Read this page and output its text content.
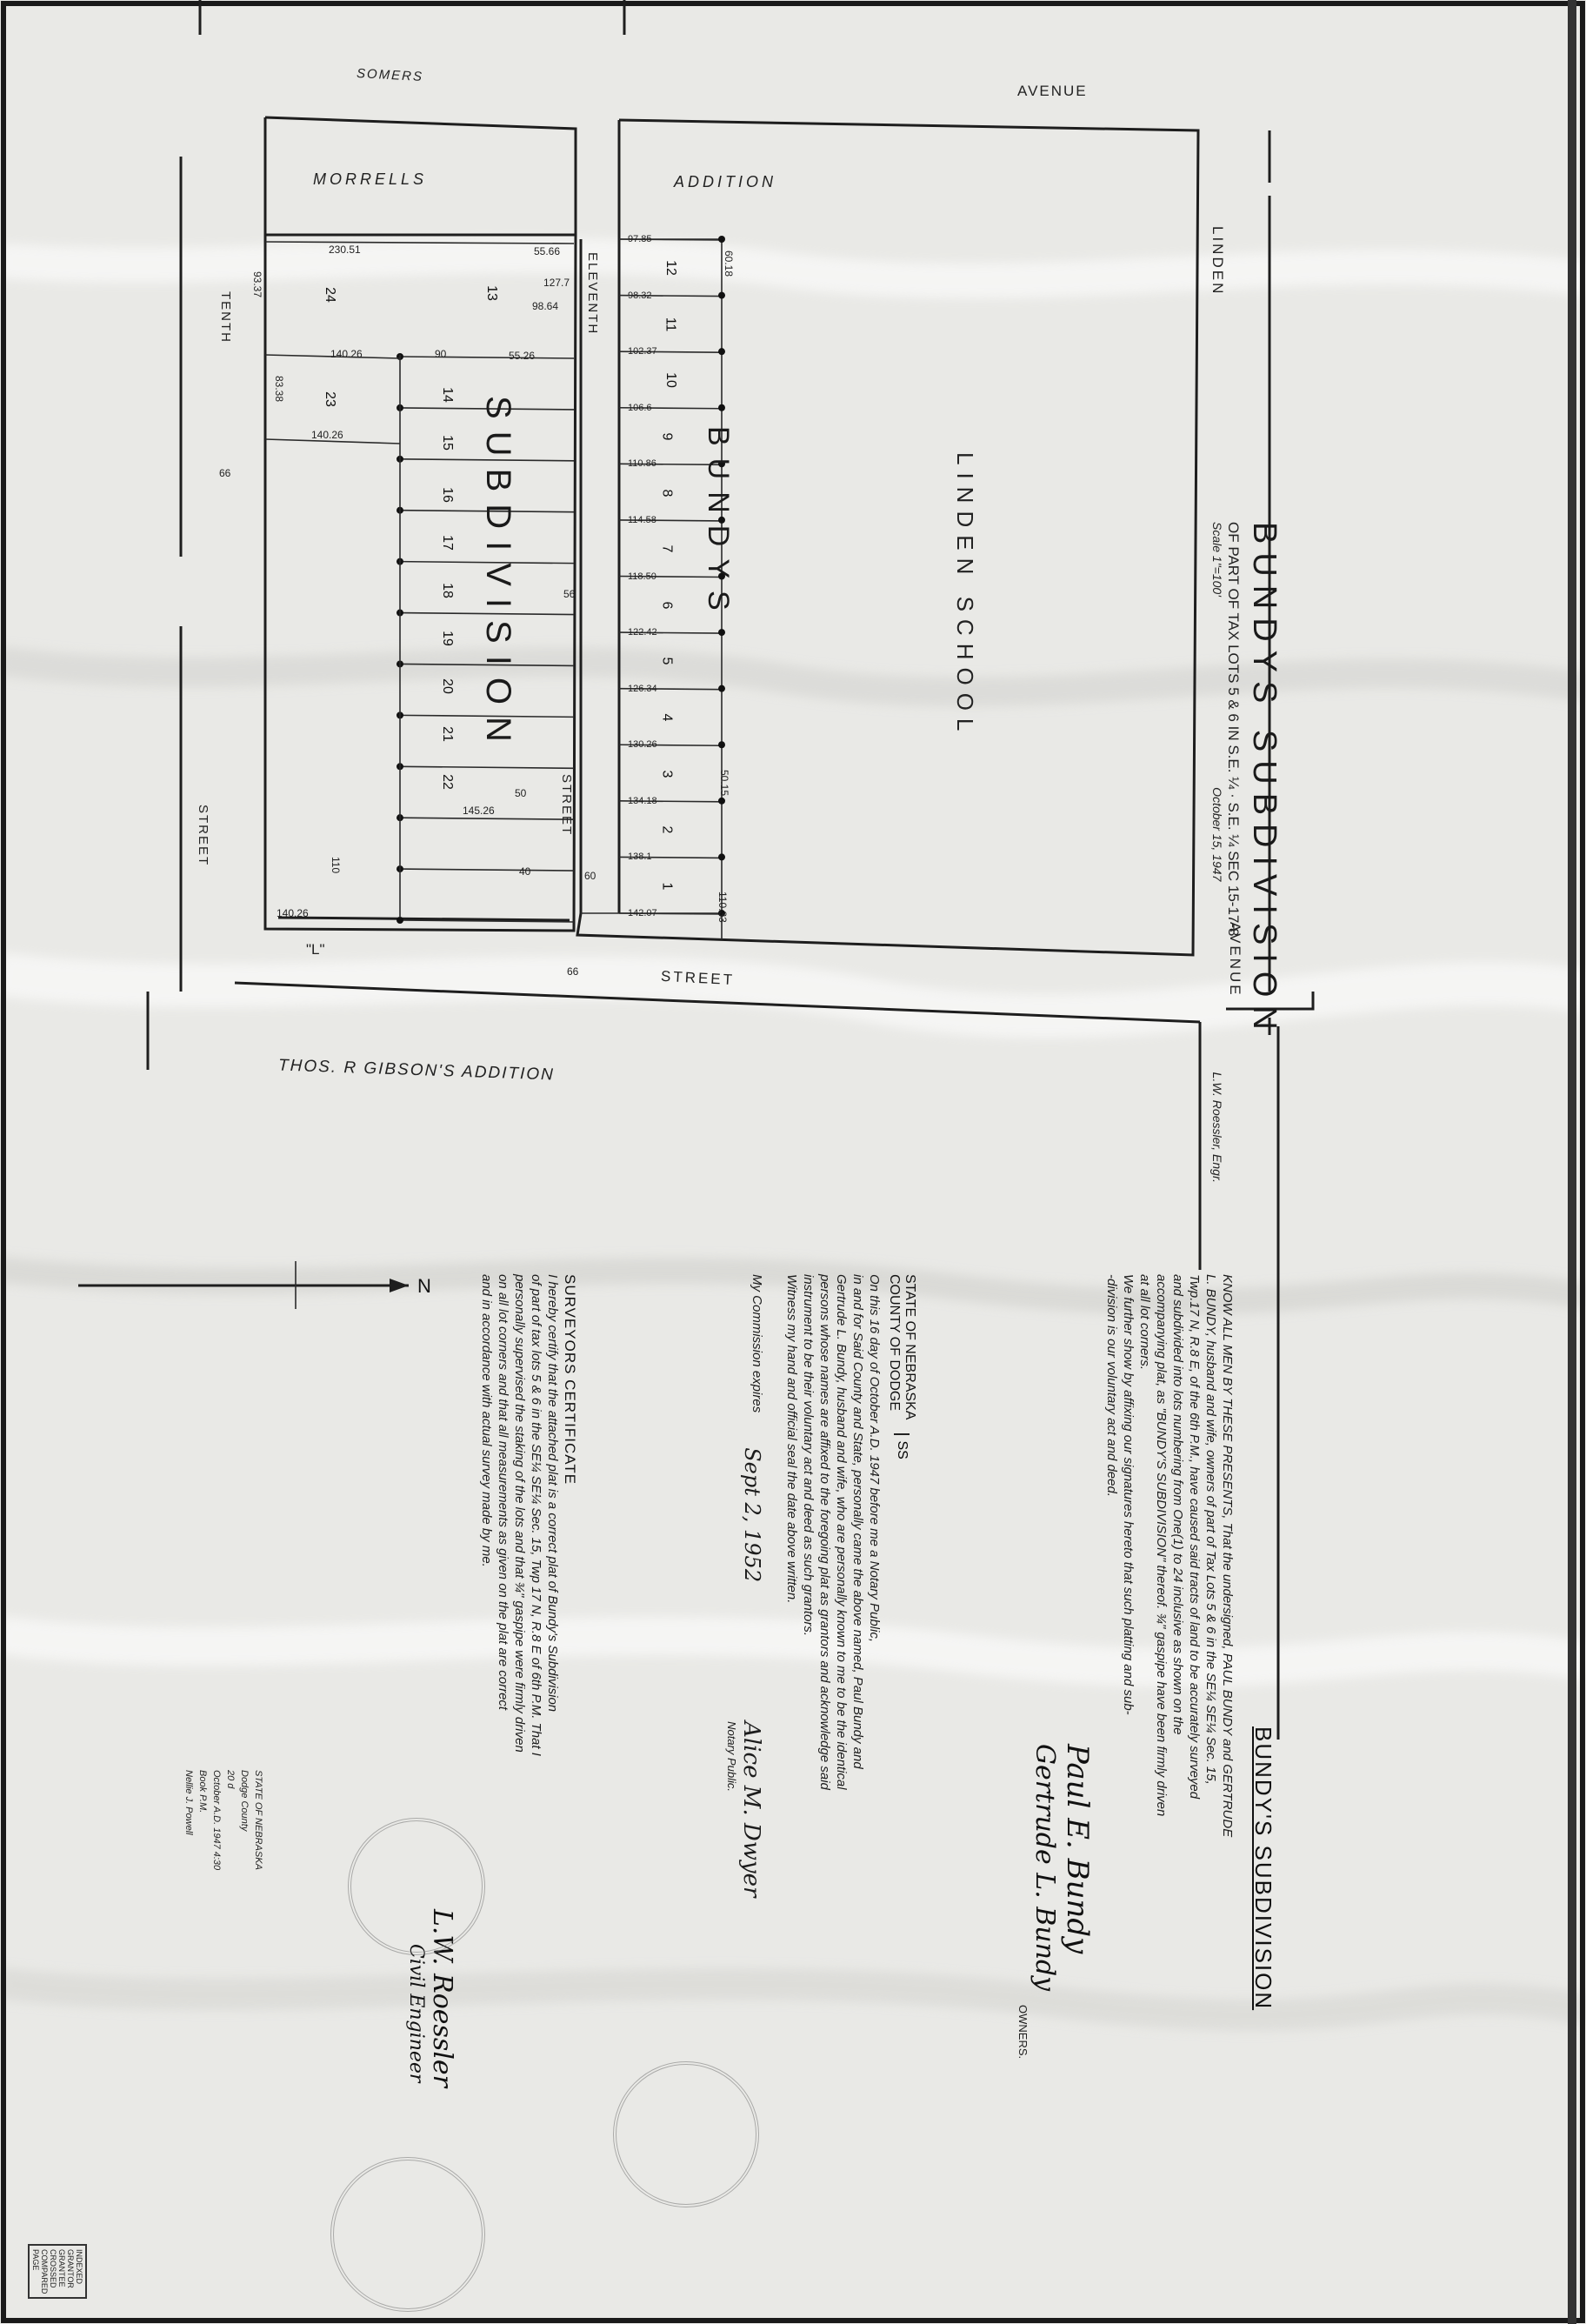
BUNDYS SUBDIVISION
OF PART OF TAX LOTS 5 & 6 IN S.E. ¼ · S.E. ¼ SEC 15-17-8
Scale 1"=100'
October 15, 1947
L.W. Roessler, Engr.
SOMERS
AVENUE
LINDEN
AVENUE
TENTH
STREET
ELEVENTH
STREET
"L"
STREET
MORRELLS	ADDITION
THOS. R GIBSON'S ADDITION
SUBDIVISION	BUNDYS	LINDEN SCHOOL
N
24
23
22
21
20
19
18
17
16
15
14
13
12
11
10
9
8
7
6
5
4
3
2
1
230.51	55.66
127.7
98.64
140.26	90	55.26
140.26
145.26
140.26
93.37
83.38
66
56
66
60
50
110	40
110.33
50.15
60.18
97.85
98.32
102.37
106.6
110.86
114.58
118.50
122.42
126.34
130.26
134.18
138.1
142.07
BUNDY'S SUBDIVISION
KNOW ALL MEN BY THESE PRESENTS, That the undersigned, PAUL BUNDY and GERTRUDE
L. BUNDY, husband and wife, owners of part of Tax Lots 5 & 6 in the SE¼ SE¼ Sec. 15,
Twp.17 N, R.8 E, of the 6th P.M., have caused said tracts of land to be accurately surveyed
and subdivided into lots numbering from One(1) to 24 inclusive as shown on the
accompanying plat, as "BUNDY'S SUBDIVISION" thereof. ¾" gaspipe have been firmly driven
at all lot corners.
We further show by affixing our signatures hereto that such platting and sub-
-division is our voluntary act and deed.
Paul E. Bundy
Gertrude L. Bundy
OWNERS.
STATE OF NEBRASKA
COUNTY OF DODGE
SS
On this 16 day of October A.D. 1947 before me a Notary Public,
in and for Said County and State, personally came the above named, Paul Bundy and
Gertrude L. Bundy, husband and wife, who are personally known to me to be the identical
persons whose names are affixed to the foregoing plat as grantors and acknowledge said
instrument to be their voluntary act and deed as such grantors.
Witness my hand and official seal the date above written.
My Commission expires
Sept 2, 1952
Alice M. Dwyer
Notary Public.
SURVEYORS CERTIFICATE
I hereby certify that the attached plat is a correct plat of Bundy's Subdivision
of part of tax lots 5 & 6 in the SE¼ SE¼ Sec. 15, Twp 17 N, R.8 E of 6th P.M. That I
personally supervised the staking of the lots and that ¾" gaspipe were firmly driven
on all lot corners and that all measurements as given on the plat are correct
and in accordance with actual survey made by me.
L.W. Roessler
Civil Engineer
STATE OF NEBRASKA
Dodge County
20 d
October A.D. 1947 4:30
Book P.M.
Nellie J. Powell
INDEXED
GRANTOR
GRANTEE
CROSSED
COMPARED
PAGE
